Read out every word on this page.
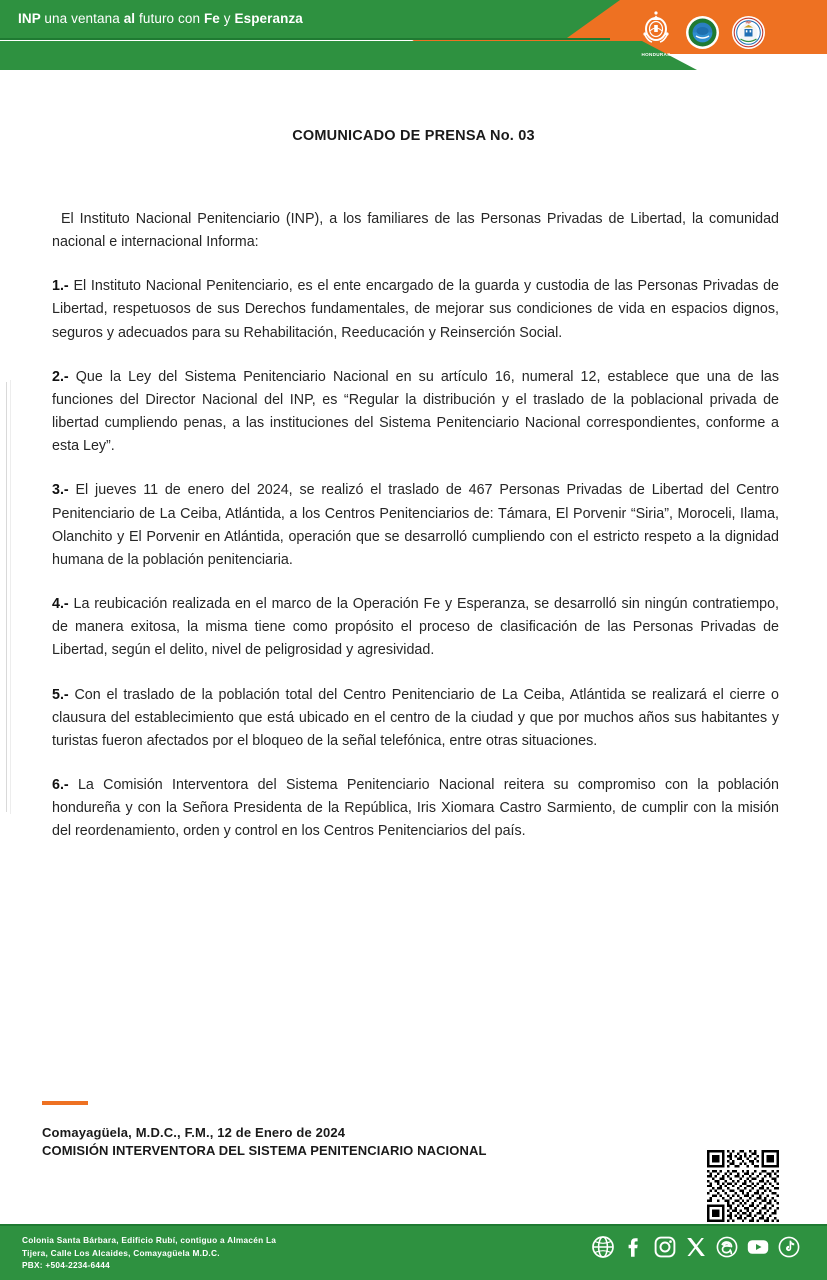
INP una ventana al futuro con Fe y Esperanza
HONDURAS
INP
COMUNICADO DE PRENSA No. 03

El Instituto Nacional Penitenciario (INP), a los familiares de las Personas Privadas de Libertad, la comunidad nacional e internacional Informa:

1.- El Instituto Nacional Penitenciario, es el ente encargado de la guarda y custodia de las Personas Privadas de Libertad, respetuosos de sus Derechos fundamentales, de mejorar sus condiciones de vida en espacios dignos, seguros y adecuados para su Rehabilitación, Reeducación y Reinserción Social.

2.- Que la Ley del Sistema Penitenciario Nacional en su artículo 16, numeral 12, establece que una de las funciones del Director Nacional del INP, es “Regular la distribución y el traslado de la poblacional privada de libertad cumpliendo penas, a las instituciones del Sistema Penitenciario Nacional correspondientes, conforme a esta Ley”.

3.- El jueves 11 de enero del 2024, se realizó el traslado de 467 Personas Privadas de Libertad del Centro Penitenciario de La Ceiba, Atlántida, a los Centros Penitenciarios de: Támara, El Porvenir “Siria”, Moroceli, Ilama, Olanchito y El Porvenir en Atlántida, operación que se desarrolló cumpliendo con el estricto respeto a la dignidad humana de la población penitenciaria.

4.- La reubicación realizada en el marco de la Operación Fe y Esperanza, se desarrolló sin ningún contratiempo, de manera exitosa, la misma tiene como propósito el proceso de clasificación de las Personas Privadas de Libertad, según el delito, nivel de peligrosidad y agresividad.

5.- Con el traslado de la población total del Centro Penitenciario de La Ceiba, Atlántida se realizará el cierre o clausura del establecimiento que está ubicado en el centro de la ciudad y que por muchos años sus habitantes y turistas fueron afectados por el bloqueo de la señal telefónica, entre otras situaciones.

6.- La Comisión Interventora del Sistema Penitenciario Nacional reitera su compromiso con la población hondureña y con la Señora Presidenta de la República, Iris Xiomara Castro Sarmiento, de cumplir con la misión del reordenamiento, orden y control en los Centros Penitenciarios del país.

Comayagüela, M.D.C., F.M., 12 de Enero de 2024
COMISIÓN INTERVENTORA DEL SISTEMA PENITENCIARIO NACIONAL
Colonia Santa Bárbara, Edificio Rubí, contiguo a Almacén La
Tijera, Calle Los Alcaides, Comayagüela M.D.C.
PBX: +504-2234-6444
